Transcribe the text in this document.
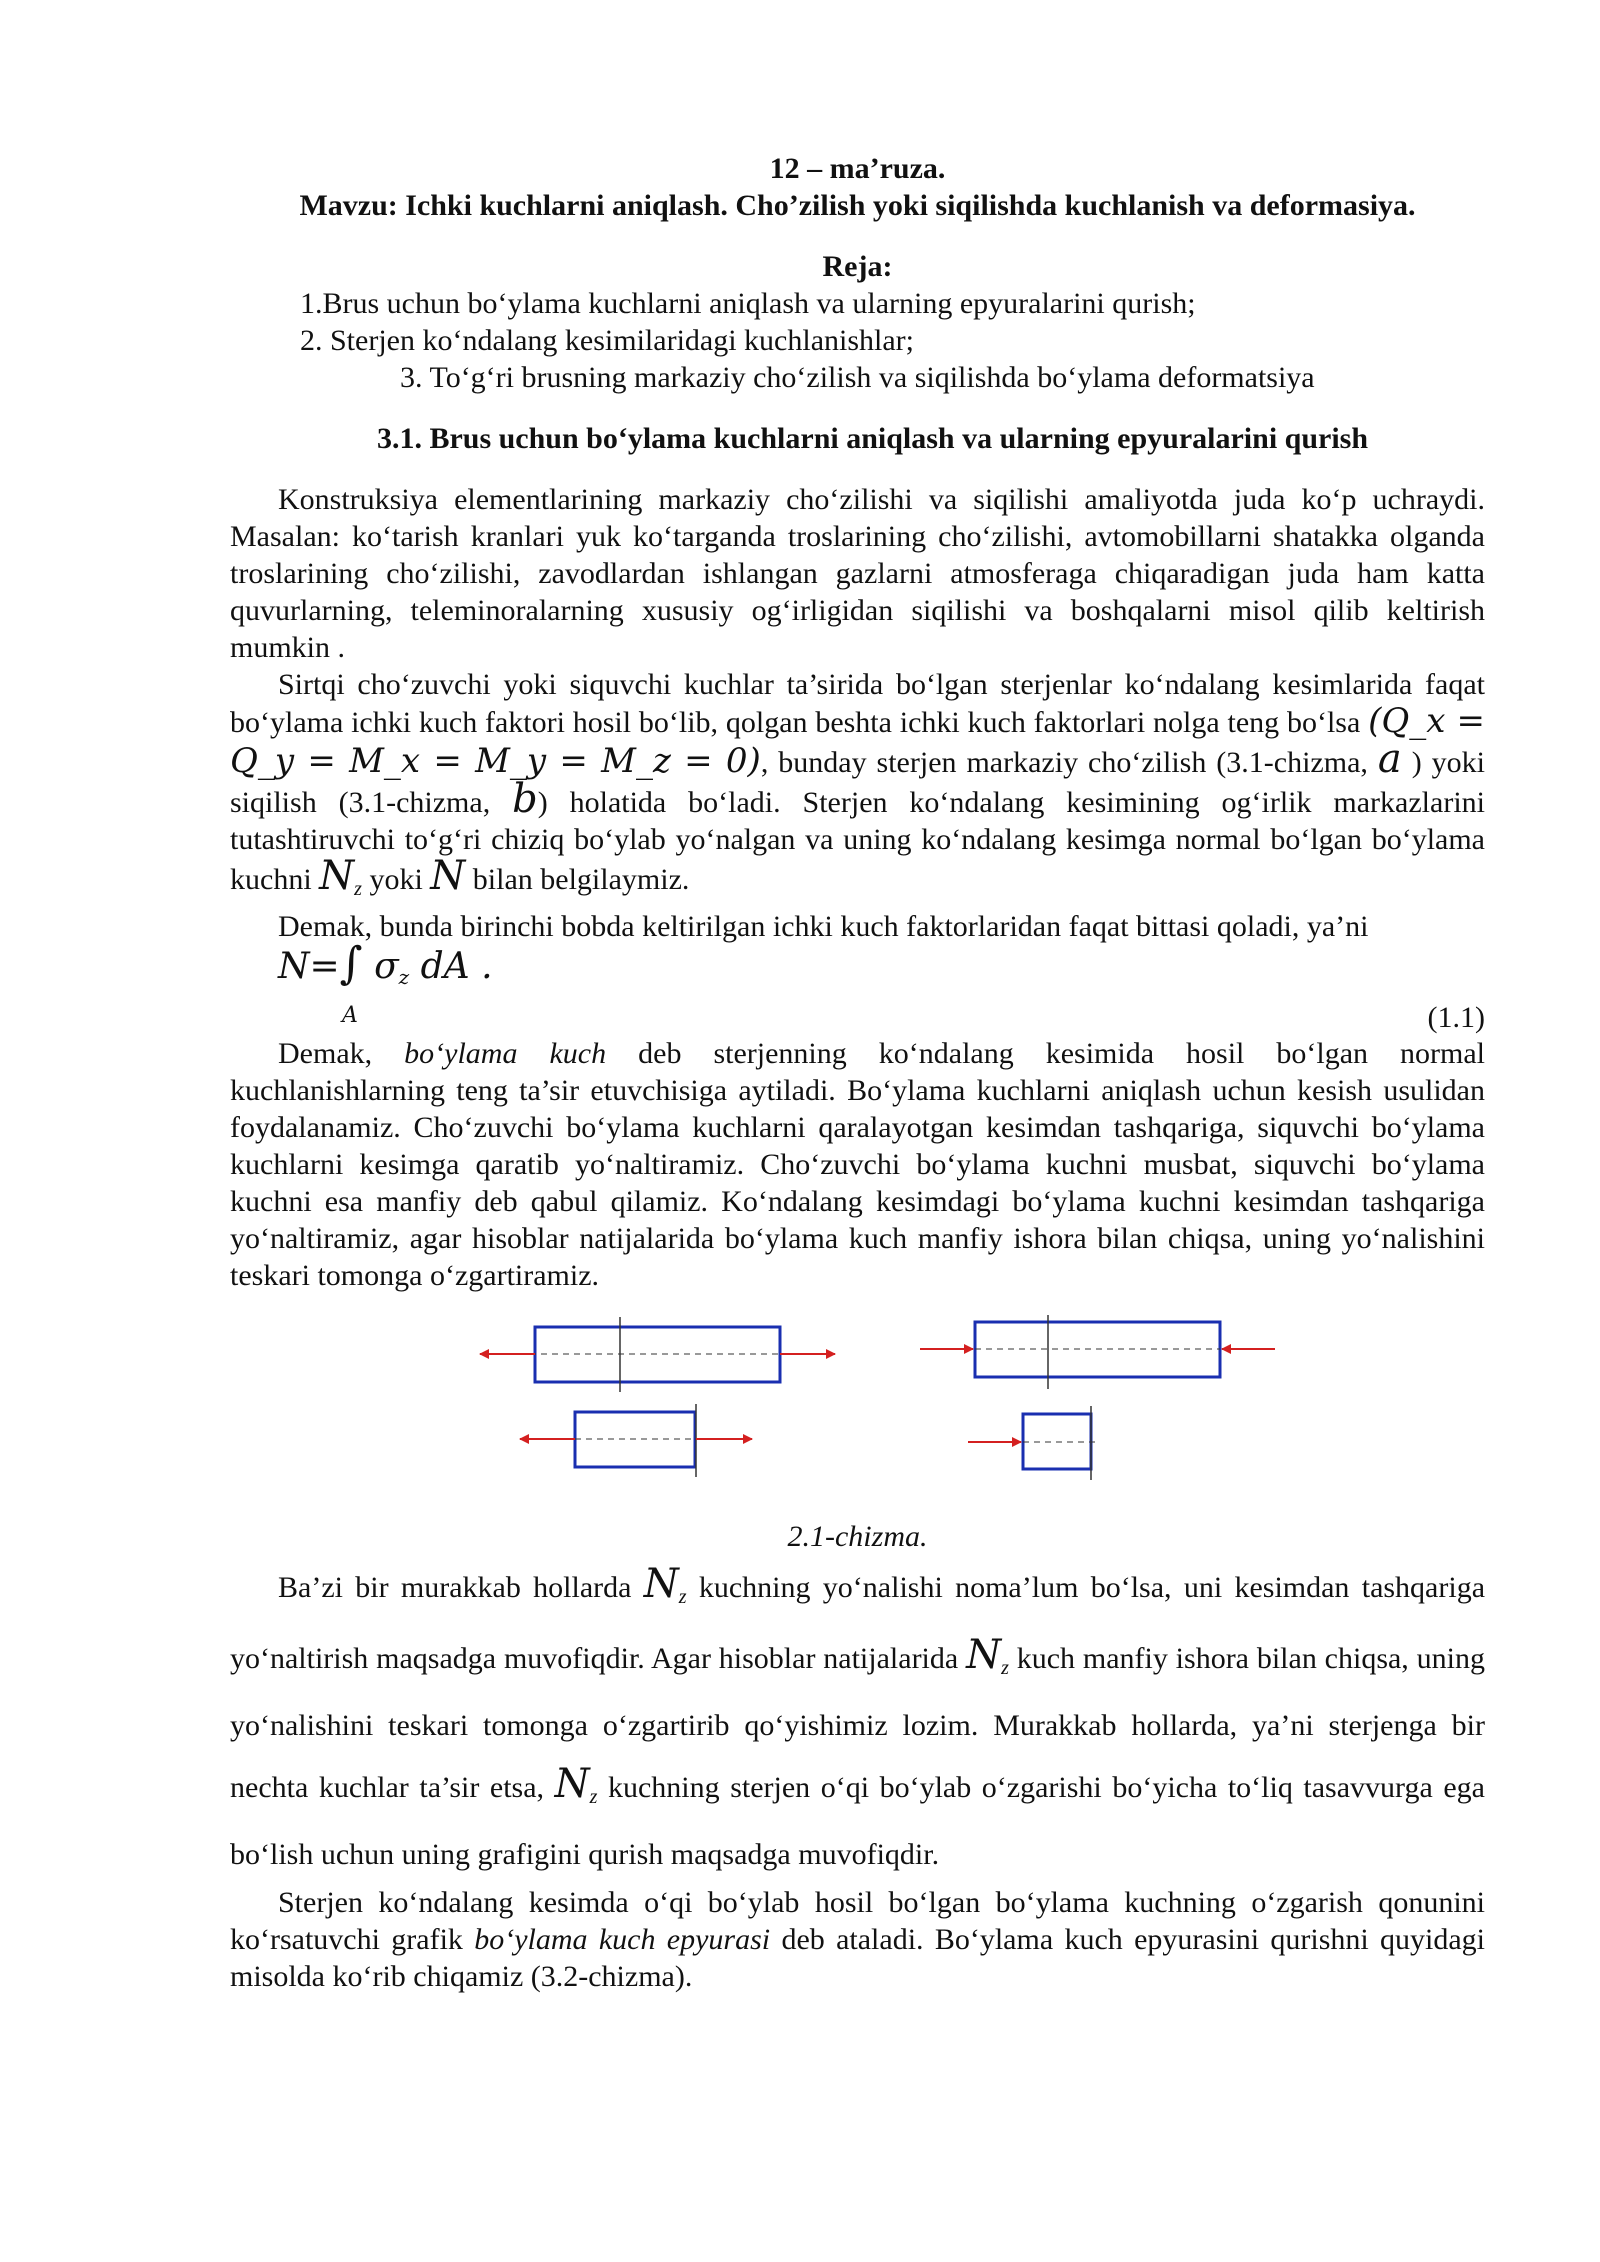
12 – ma’ruza.
Mavzu: Ichki kuchlarni aniqlash. Cho’zilish yoki siqilishda kuchlanish va deformasiya.
Reja:
1.Brus uchun bo‘ylama kuchlarni aniqlash va ularning epyuralarini qurish;
2. Sterjen ko‘ndalang kesimilaridagi kuchlanishlar;
3. To‘g‘ri brusning markaziy cho‘zilish va siqilishda bo‘ylama deformatsiya
3.1. Brus uchun bo‘ylama kuchlarni aniqlash va ularning epyuralarini qurish

Konstruksiya elementlarining markaziy cho‘zilishi va siqilishi amaliyotda juda ko‘p uchraydi. Masalan: ko‘tarish kranlari yuk ko‘targanda troslarining cho‘zilishi, avtomobillarni shatakka olganda troslarining cho‘zilishi, zavodlardan ishlangan gazlarni atmosferaga chiqaradigan juda ham katta quvurlarning, teleminoralarning xususiy og‘irligidan siqilishi va boshqalarni misol qilib keltirish mumkin .

Sirtqi cho‘zuvchi yoki siquvchi kuchlar ta’sirida bo‘lgan sterjenlar ko‘ndalang kesimlarida faqat bo‘ylama ichki kuch faktori hosil bo‘lib, qolgan beshta ichki kuch faktorlari nolga teng bo‘lsa (Q_x = Q_y = M_x = M_y = M_z = 0), bunday sterjen markaziy cho‘zilish (3.1-chizma, a ) yoki siqilish (3.1-chizma, b) holatida bo‘ladi. Sterjen ko‘ndalang kesimining og‘irlik markazlarini tutashtiruvchi to‘g‘ri chiziq bo‘ylab yo‘nalgan va uning ko‘ndalang kesimga normal bo‘lgan bo‘ylama kuchni $N_z$ yoki N bilan belgilaymiz.

Demak, bunda birinchi bobda keltirilgan ichki kuch faktorlaridan faqat bittasi qoladi, ya’ni

N=∫ $\sigma_z$ dA .
A	(1.1)

Demak, bo‘ylama kuch deb sterjenning ko‘ndalang kesimida hosil bo‘lgan normal kuchlanishlarning teng ta’sir etuvchisiga aytiladi. Bo‘ylama kuchlarni aniqlash uchun kesish usulidan foydalanamiz. Cho‘zuvchi bo‘ylama kuchlarni qaralayotgan kesimdan tashqariga, siquvchi bo‘ylama kuchlarni kesimga qaratib yo‘naltiramiz. Cho‘zuvchi bo‘ylama kuchni musbat, siquvchi bo‘ylama kuchni esa manfiy deb qabul qilamiz. Ko‘ndalang kesimdagi bo‘ylama kuchni kesimdan tashqariga yo‘naltiramiz, agar hisoblar natijalarida bo‘ylama kuch manfiy ishora bilan chiqsa, uning yo‘nalishini teskari tomonga o‘zgartiramiz.

2.1-chizma.

Ba’zi bir murakkab hollarda $N_z$ kuchning yo‘nalishi noma’lum bo‘lsa, uni kesimdan tashqariga yo‘naltirish maqsadga muvofiqdir. Agar hisoblar natijalarida $N_z$ kuch manfiy ishora bilan chiqsa, uning yo‘nalishini teskari tomonga o‘zgartirib qo‘yishimiz lozim. Murakkab hollarda, ya’ni sterjenga bir nechta kuchlar ta’sir etsa, $N_z$ kuchning sterjen o‘qi bo‘ylab o‘zgarishi bo‘yicha to‘liq tasavvurga ega bo‘lish uchun uning grafigini qurish maqsadga muvofiqdir.

Sterjen ko‘ndalang kesimda o‘qi bo‘ylab hosil bo‘lgan bo‘ylama kuchning o‘zgarish qonunini ko‘rsatuvchi grafik bo‘ylama kuch epyurasi deb ataladi. Bo‘ylama kuch epyurasini qurishni quyidagi misolda ko‘rib chiqamiz (3.2-chizma).
